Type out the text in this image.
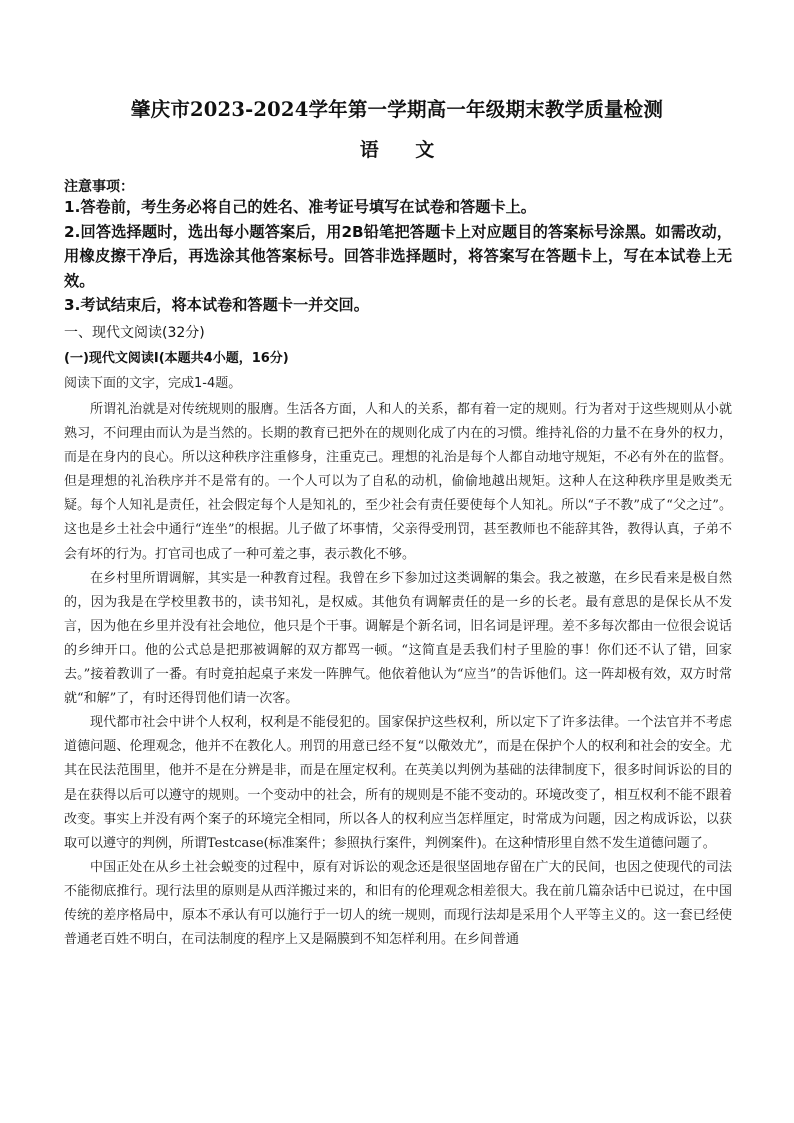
肇庆市2023-2024学年第一学期高一年级期末教学质量检测
语 文
注意事项：

1.答卷前，考生务必将自己的姓名、准考证号填写在试卷和答题卡上。

2.回答选择题时，选出每小题答案后，用2B铅笔把答题卡上对应题目的答案标号涂黑。如需改动，用橡皮擦干净后，再选涂其他答案标号。回答非选择题时，将答案写在答题卡上，写在本试卷上无效。

3.考试结束后，将本试卷和答题卡一并交回。

一、现代文阅读(32分)
(一)现代文阅读Ⅰ(本题共4小题，16分)
阅读下面的文字，完成1-4题。

所谓礼治就是对传统规则的服膺。生活各方面，人和人的关系，都有着一定的规则。行为者对于这些规则从小就熟习，不问理由而认为是当然的。长期的教育已把外在的规则化成了内在的习惯。维持礼俗的力量不在身外的权力，而是在身内的良心。所以这种秩序注重修身，注重克己。理想的礼治是每个人都自动地守规矩，不必有外在的监督。但是理想的礼治秩序并不是常有的。一个人可以为了自私的动机，偷偷地越出规矩。这种人在这种秩序里是败类无疑。每个人知礼是责任，社会假定每个人是知礼的，至少社会有责任要使每个人知礼。所以“子不教”成了“父之过”。这也是乡土社会中通行“连坐”的根据。儿子做了坏事情，父亲得受刑罚，甚至教师也不能辞其咎，教得认真，子弟不会有坏的行为。打官司也成了一种可羞之事，表示教化不够。

在乡村里所谓调解，其实是一种教育过程。我曾在乡下参加过这类调解的集会。我之被邀，在乡民看来是极自然的，因为我是在学校里教书的，读书知礼，是权威。其他负有调解责任的是一乡的长老。最有意思的是保长从不发言，因为他在乡里并没有社会地位，他只是个干事。调解是个新名词，旧名词是评理。差不多每次都由一位很会说话的乡绅开口。他的公式总是把那被调解的双方都骂一顿。“这简直是丢我们村子里脸的事！你们还不认了错，回家去。”接着教训了一番。有时竟拍起桌子来发一阵脾气。他依着他认为“应当”的告诉他们。这一阵却极有效，双方时常就“和解”了，有时还得罚他们请一次客。

现代都市社会中讲个人权利，权利是不能侵犯的。国家保护这些权利，所以定下了许多法律。一个法官并不考虑道德问题、伦理观念，他并不在教化人。刑罚的用意已经不复“以儆效尤”，而是在保护个人的权利和社会的安全。尤其在民法范围里，他并不是在分辨是非，而是在厘定权利。在英美以判例为基础的法律制度下，很多时间诉讼的目的是在获得以后可以遵守的规则。一个变动中的社会，所有的规则是不能不变动的。环境改变了，相互权利不能不跟着改变。事实上并没有两个案子的环境完全相同，所以各人的权利应当怎样厘定，时常成为问题，因之构成诉讼，以获取可以遵守的判例，所谓Testcase(标准案件；参照执行案件，判例案件)。在这种情形里自然不发生道德问题了。

中国正处在从乡土社会蜕变的过程中，原有对诉讼的观念还是很坚固地存留在广大的民间，也因之使现代的司法不能彻底推行。现行法里的原则是从西洋搬过来的，和旧有的伦理观念相差很大。我在前几篇杂话中已说过，在中国传统的差序格局中，原本不承认有可以施行于一切人的统一规则，而现行法却是采用个人平等主义的。这一套已经使普通老百姓不明白，在司法制度的程序上又是隔膜到不知怎样利用。在乡间普通
